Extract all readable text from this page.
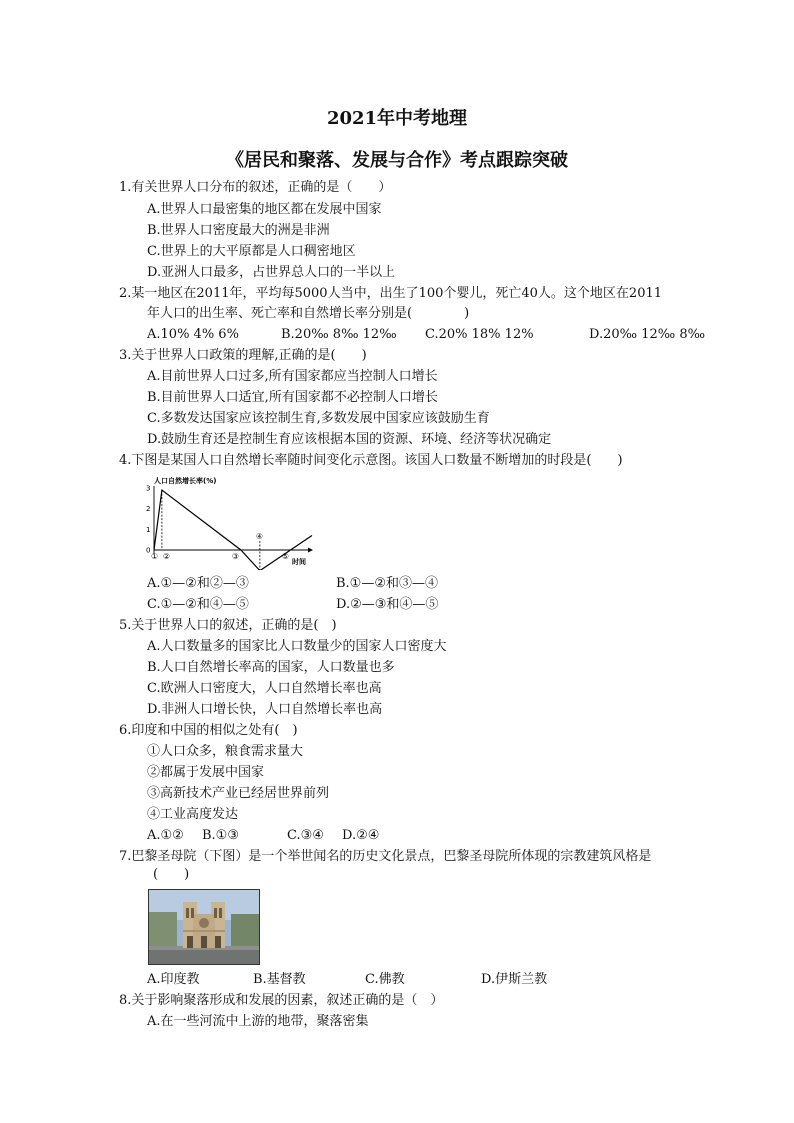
2021年中考地理
《居民和聚落、发展与合作》考点跟踪突破
1.有关世界人口分布的叙述，正确的是（　　）
A.世界人口最密集的地区都在发展中国家
B.世界人口密度最大的洲是非洲
C.世界上的大平原都是人口稠密地区
D.亚洲人口最多，占世界总人口的一半以上
2.某一地区在2011年，平均每5000人当中，出生了100个婴儿，死亡40人。这个地区在2011
年人口的出生率、死亡率和自然增长率分别是(　　　　)
A.10% 4% 6%	B.20‰ 8‰ 12‰ C.20% 18% 12%	D.20‰ 12‰ 8‰
3.关于世界人口政策的理解,正确的是(　　)
A.目前世界人口过多,所有国家都应当控制人口增长
B.目前世界人口适宜,所有国家都不必控制人口增长
C.多数发达国家应该控制生育,多数发展中国家应该鼓励生育
D.鼓励生育还是控制生育应该根据本国的资源、环境、经济等状况确定
4.下图是某国人口自然增长率随时间变化示意图。该国人口数量不断增加的时段是(　　)
人口自然增长率(%)
时间
3
2
1
0
① ②	③
④
⑤
A.①—②和②—③	B.①—②和③—④
C.①—②和④—⑤	D.②—③和④—⑤
5.关于世界人口的叙述，正确的是(　)
A.人口数量多的国家比人口数量少的国家人口密度大
B.人口自然增长率高的国家，人口数量也多
C.欧洲人口密度大，人口自然增长率也高
D.非洲人口增长快，人口自然增长率也高
6.印度和中国的相似之处有(　)
①人口众多，粮食需求量大
②都属于发展中国家
③高新技术产业已经居世界前列
④工业高度发达
A.①② B.①③	C.③④ D.②④
7.巴黎圣母院（下图）是一个举世闻名的历史文化景点，巴黎圣母院所体现的宗教建筑风格是
(　　)
A.印度教	B.基督教	C.佛教	D.伊斯兰教
8.关于影响聚落形成和发展的因素，叙述正确的是（　）
A.在一些河流中上游的地带，聚落密集
